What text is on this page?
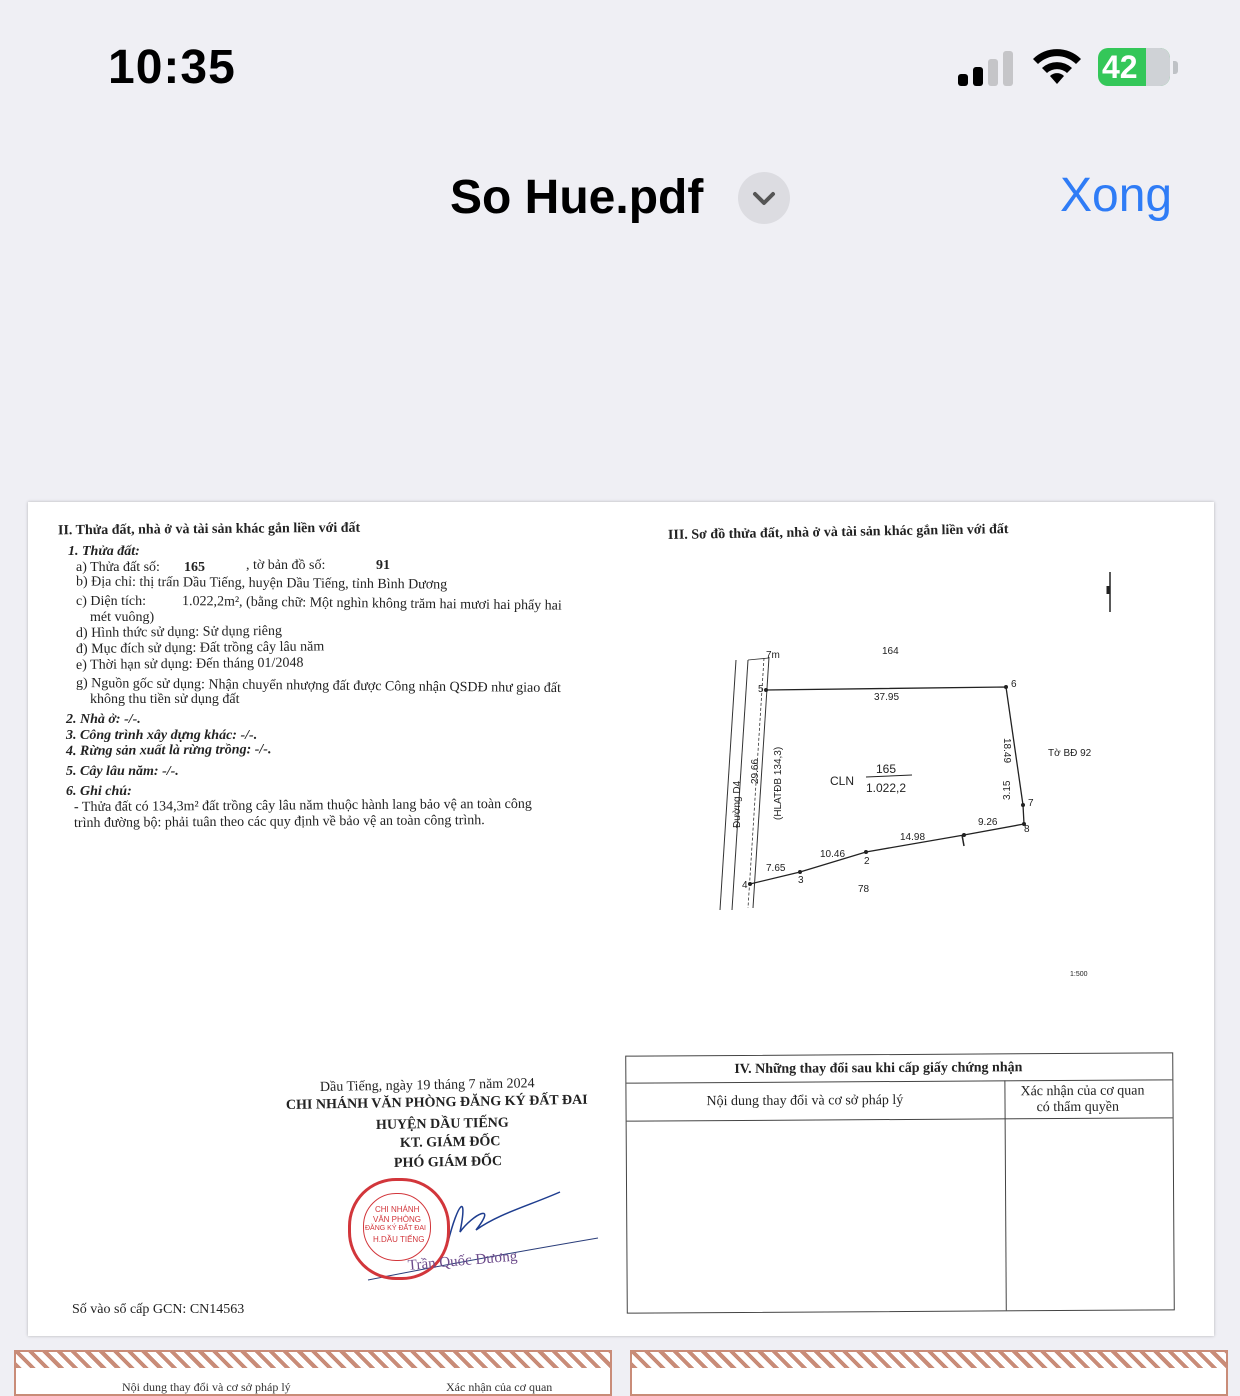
10:35	42
So Hue.pdf	Xong
II. Thửa đất, nhà ở và tài sản khác gắn liền với đất
1. Thửa đất:
a) Thửa đất số: 165	, tờ bản đồ số:	91
b) Địa chỉ: thị trấn Dầu Tiếng, huyện Dầu Tiếng, tỉnh Bình Dương
c) Diện tích:	1.022,2m², (bằng chữ: Một nghìn không trăm hai mươi hai phẩy hai
mét vuông)
d) Hình thức sử dụng: Sử dụng riêng
đ) Mục đích sử dụng: Đất trồng cây lâu năm
e) Thời hạn sử dụng: Đến tháng 01/2048
g) Nguồn gốc sử dụng: Nhận chuyển nhượng đất được Công nhận QSDĐ như giao đất
không thu tiền sử dụng đất
2. Nhà ở: -/-.
3. Công trình xây dựng khác: -/-.
4. Rừng sản xuất là rừng trồng: -/-.
5. Cây lâu năm: -/-.
6. Ghi chú:
- Thửa đất có 134,3m² đất trồng cây lâu năm thuộc hành lang bảo vệ an toàn công
trình đường bộ: phải tuân theo các quy định về bảo vệ an toàn công trình.
III. Sơ đồ thửa đất, nhà ở và tài sản khác gắn liền với đất
7m	164
78
Tờ BĐ 92
Đường D4
29.66 (HLATĐB 134,3)	CLN
165
1.022,2
1:500
37.95
18.49
3.15
9.26
14.98
10.46
7.65
5	6
7
8
2
3
4
Dầu Tiếng, ngày 19 tháng 7 năm 2024
CHI NHÁNH VĂN PHÒNG ĐĂNG KÝ ĐẤT ĐAI
HUYỆN DẦU TIẾNG
KT. GIÁM ĐỐC
PHÓ GIÁM ĐỐC
CHI NHÁNH
VĂN PHÒNG
ĐĂNG KÝ ĐẤT ĐAI
H.DẦU TIẾNG
Trần Quốc Dương
IV. Những thay đổi sau khi cấp giấy chứng nhận
Nội dung thay đổi và cơ sở pháp lý
Xác nhận của cơ quan
có thẩm quyền
Số vào sổ cấp GCN: CN14563
Nội dung thay đổi và cơ sở pháp lý	Xác nhận của cơ quan
